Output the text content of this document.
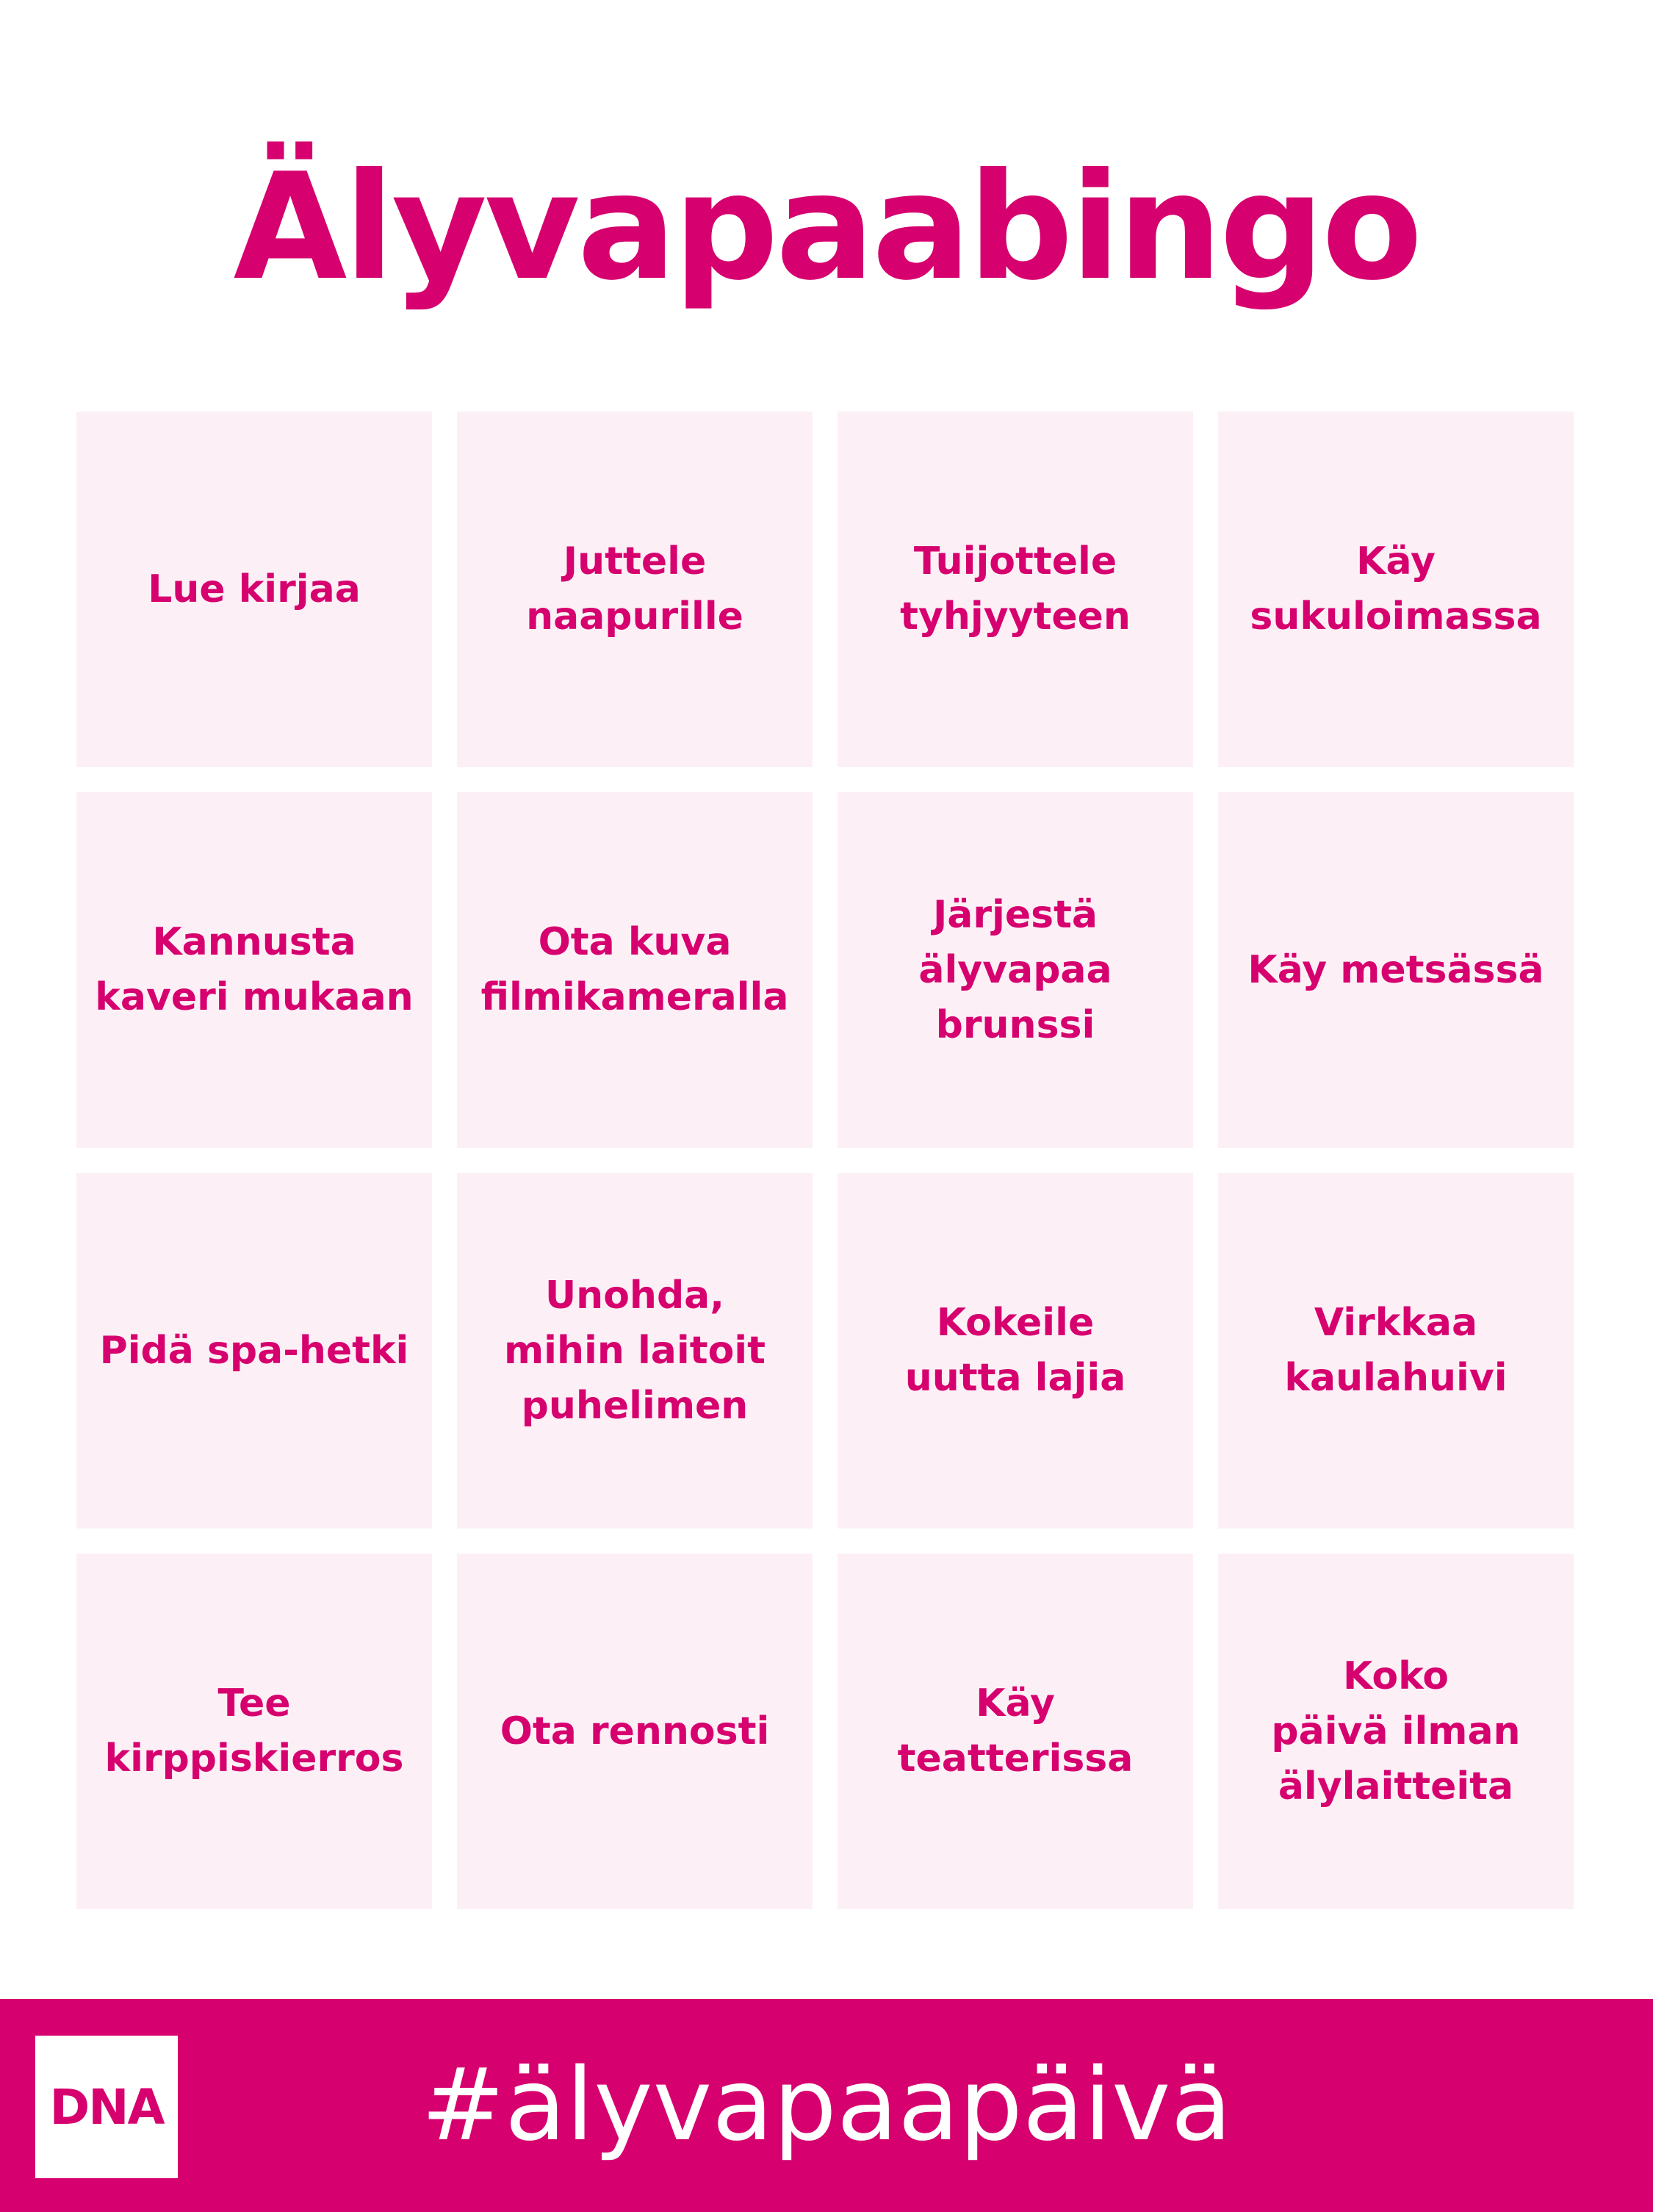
Älyvapaabingo
Lue kirjaa
Juttele
naapurille
Tuijottele
tyhjyyteen
Käy
sukuloimassa
Kannusta
kaveri mukaan
Ota kuva
filmikameralla
Järjestä
älyvapaa
brunssi
Käy metsässä
Pidä spa-hetki
Unohda,
mihin laitoit
puhelimen
Kokeile
uutta lajia
Virkkaa
kaulahuivi
Tee
kirppiskierros
Ota rennosti
Käy teatterissa
Koko
päivä ilman
älylaitteita
DNA	#älyvapaapäivä
